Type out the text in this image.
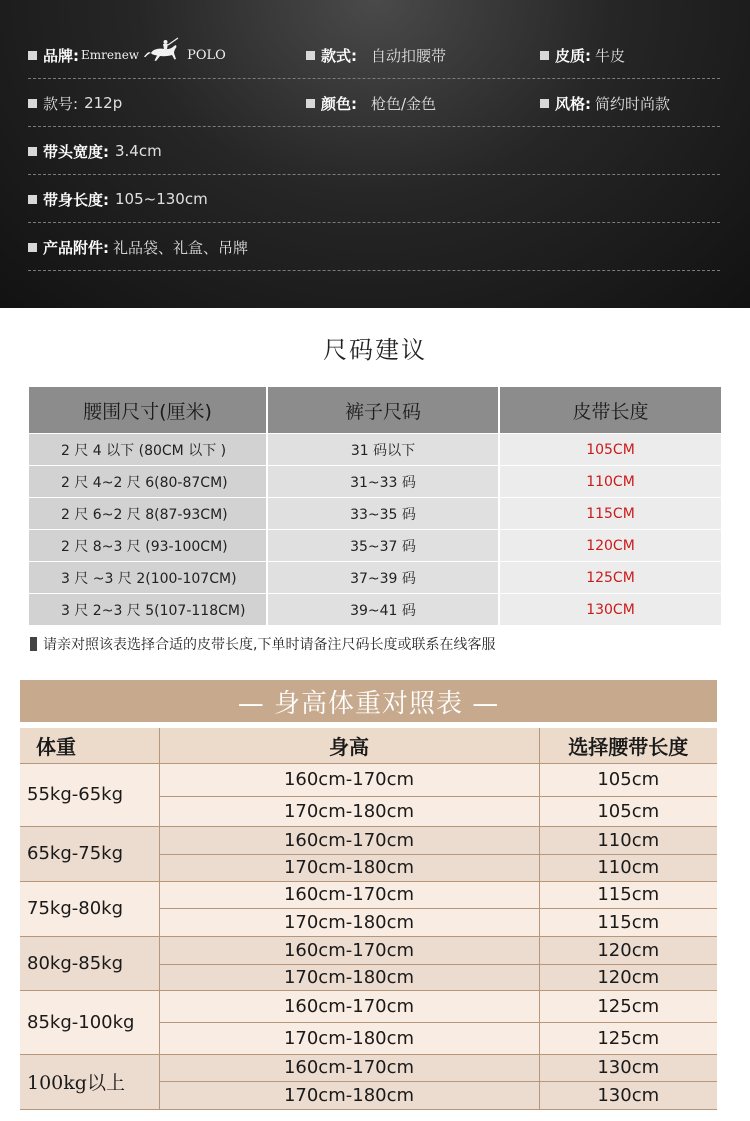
品牌: Emrenew	POLO	款式: 自动扣腰带	皮质: 牛皮
款号: 212p	颜色: 枪色/金色	风格: 简约时尚款
带头宽度: 3.4cm
带身长度: 105~130cm
产品附件: 礼品袋、礼盒、吊牌
尺码建议
腰围尺寸(厘米)	裤子尺码	皮带长度
2 尺 4 以下 (80CM 以下 )	31 码以下	105CM
2 尺 4~2 尺 6(80-87CM)	31~33 码	110CM
2 尺 6~2 尺 8(87-93CM)	33~35 码	115CM
2 尺 8~3 尺 (93-100CM)	35~37 码	120CM
3 尺 ~3 尺 2(100-107CM)	37~39 码	125CM
3 尺 2~3 尺 5(107-118CM)	39~41 码	130CM
请亲对照该表选择合适的皮带长度,下单时请备注尺码长度或联系在线客服
— 身高体重对照表 —
体重	身高	选择腰带长度
55kg-65kg	160cm-170cm	105cm
	170cm-180cm	105cm
65kg-75kg	160cm-170cm	110cm
	170cm-180cm	110cm
75kg-80kg	160cm-170cm	115cm
	170cm-180cm	115cm
80kg-85kg	160cm-170cm	120cm
	170cm-180cm	120cm
85kg-100kg	160cm-170cm	125cm
	170cm-180cm	125cm
100kg以上	160cm-170cm	130cm
	170cm-180cm	130cm
